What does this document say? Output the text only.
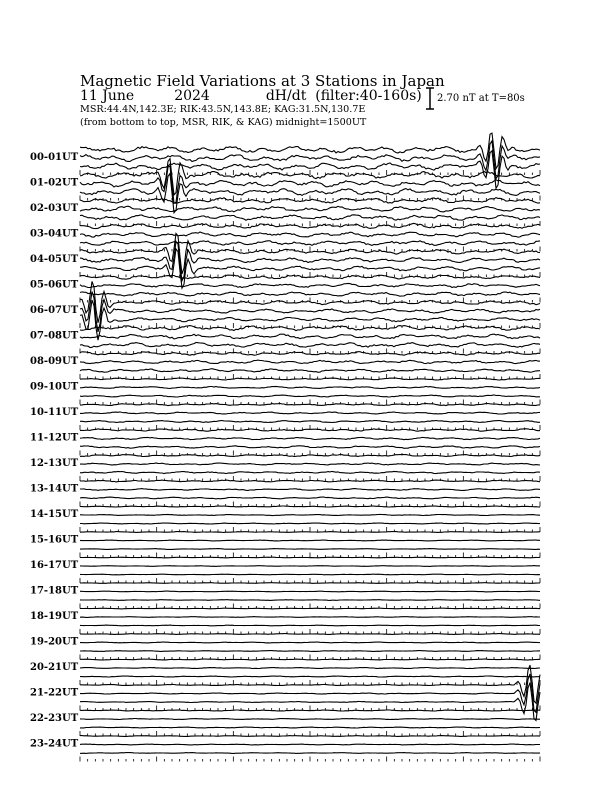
Magnetic Field Variations at 3 Stations in Japan
11 June	2024	dH/dt (filter:40-160s)
MSR:44.4N,142.3E; RIK:43.5N,143.8E; KAG:31.5N,130.7E
(from bottom to top, MSR, RIK, & KAG) midnight=1500UT
2.70 nT at T=80s
00-01UT
01-02UT
02-03UT
03-04UT
04-05UT
05-06UT
06-07UT
07-08UT
08-09UT
09-10UT
10-11UT
11-12UT
12-13UT
13-14UT
14-15UT
15-16UT
16-17UT
17-18UT
18-19UT
19-20UT
20-21UT
21-22UT
22-23UT
23-24UT
